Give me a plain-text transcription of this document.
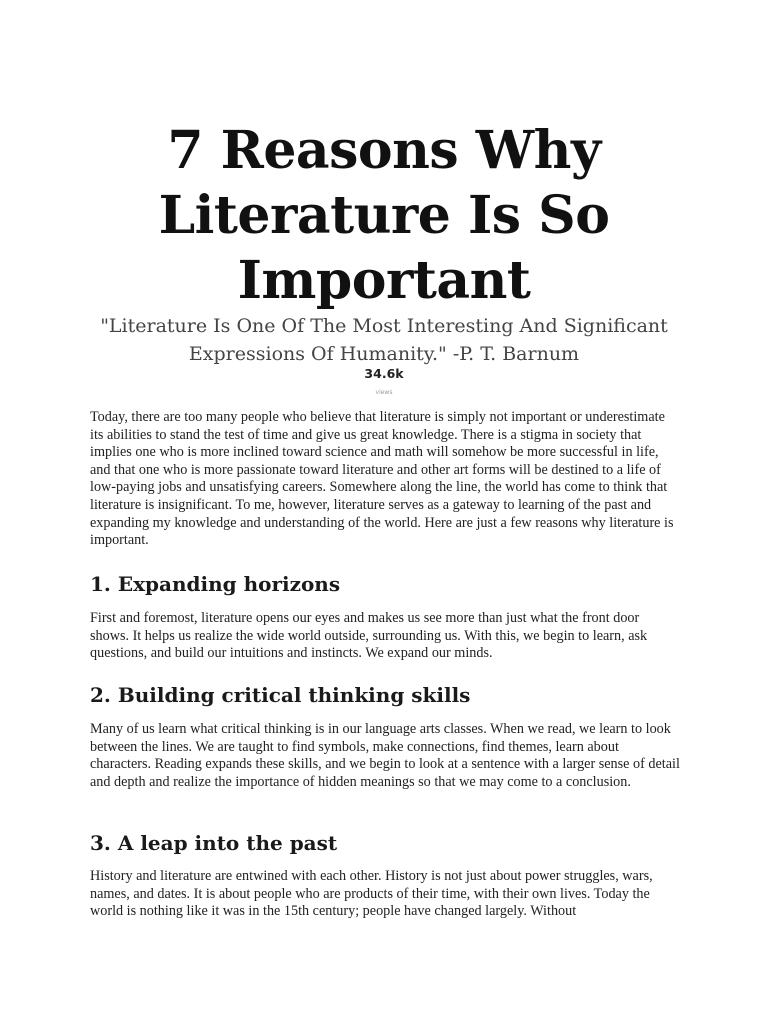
7 Reasons Why Literature Is So Important
"Literature Is One Of The Most Interesting And Significant Expressions Of Humanity." -P. T. Barnum
34.6k
views

Today, there are too many people who believe that literature is simply not important or underestimate its abilities to stand the test of time and give us great knowledge. There is a stigma in society that implies one who is more inclined toward science and math will somehow be more successful in life, and that one who is more passionate toward literature and other art forms will be destined to a life of low-paying jobs and unsatisfying careers. Somewhere along the line, the world has come to think that literature is insignificant. To me, however, literature serves as a gateway to learning of the past and expanding my knowledge and understanding of the world. Here are just a few reasons why literature is important.

1. Expanding horizons

First and foremost, literature opens our eyes and makes us see more than just what the front door shows. It helps us realize the wide world outside, surrounding us. With this, we begin to learn, ask questions, and build our intuitions and instincts. We expand our minds.

2. Building critical thinking skills

Many of us learn what critical thinking is in our language arts classes. When we read, we learn to look between the lines. We are taught to find symbols, make connections, find themes, learn about characters. Reading expands these skills, and we begin to look at a sentence with a larger sense of detail and depth and realize the importance of hidden meanings so that we may come to a conclusion.

3. A leap into the past

History and literature are entwined with each other. History is not just about power struggles, wars, names, and dates. It is about people who are products of their time, with their own lives. Today the world is nothing like it was in the 15th century; people have changed largely. Without
